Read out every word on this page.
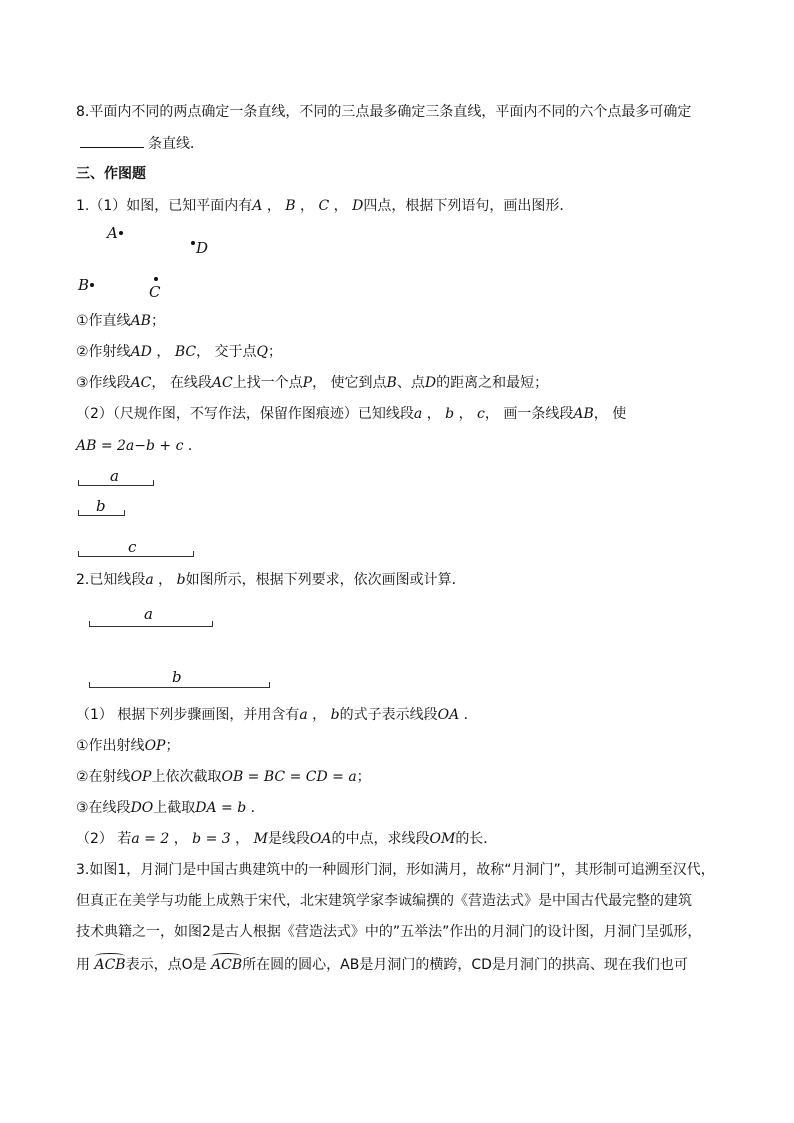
8.平面内不同的两点确定一条直线，不同的三点最多确定三条直线，平面内不同的六个点最多可确定
条直线．
三、作图题
1.（1）如图，已知平面内有A ， B ， C ， D四点，根据下列语句，画出图形．
A
D
B	C
①作直线AB；
②作射线AD ， BC， 交于点Q；
③作线段AC， 在线段AC上找一个点P， 使它到点B、点D的距离之和最短；
（2）（尺规作图，不写作法，保留作图痕迹）已知线段a ， b ， c， 画一条线段AB， 使
AB = 2a−b + c ．
a
b
c
2.已知线段a ， b如图所示，根据下列要求，依次画图或计算．
a
b
（1） 根据下列步骤画图，并用含有a ， b的式子表示线段OA ．
①作出射线OP；
②在射线OP上依次截取OB = BC = CD = a；
③在线段DO上截取DA = b ．
（2） 若a = 2 ， b = 3 ， M是线段OA的中点，求线段OM的长．
3.如图1，月洞门是中国古典建筑中的一种圆形门洞，形如满月，故称“月洞门”，其形制可追溯至汉代，
但真正在美学与功能上成熟于宋代，北宋建筑学家李诚编撰的《营造法式》是中国古代最完整的建筑
技术典籍之一，如图2是古人根据《营造法式》中的”五举法”作出的月洞门的设计图，月洞门呈弧形，
用 ACB表示，点O是 ACB所在圆的圆心，AB是月洞门的横跨，CD是月洞门的拱高、现在我们也可
